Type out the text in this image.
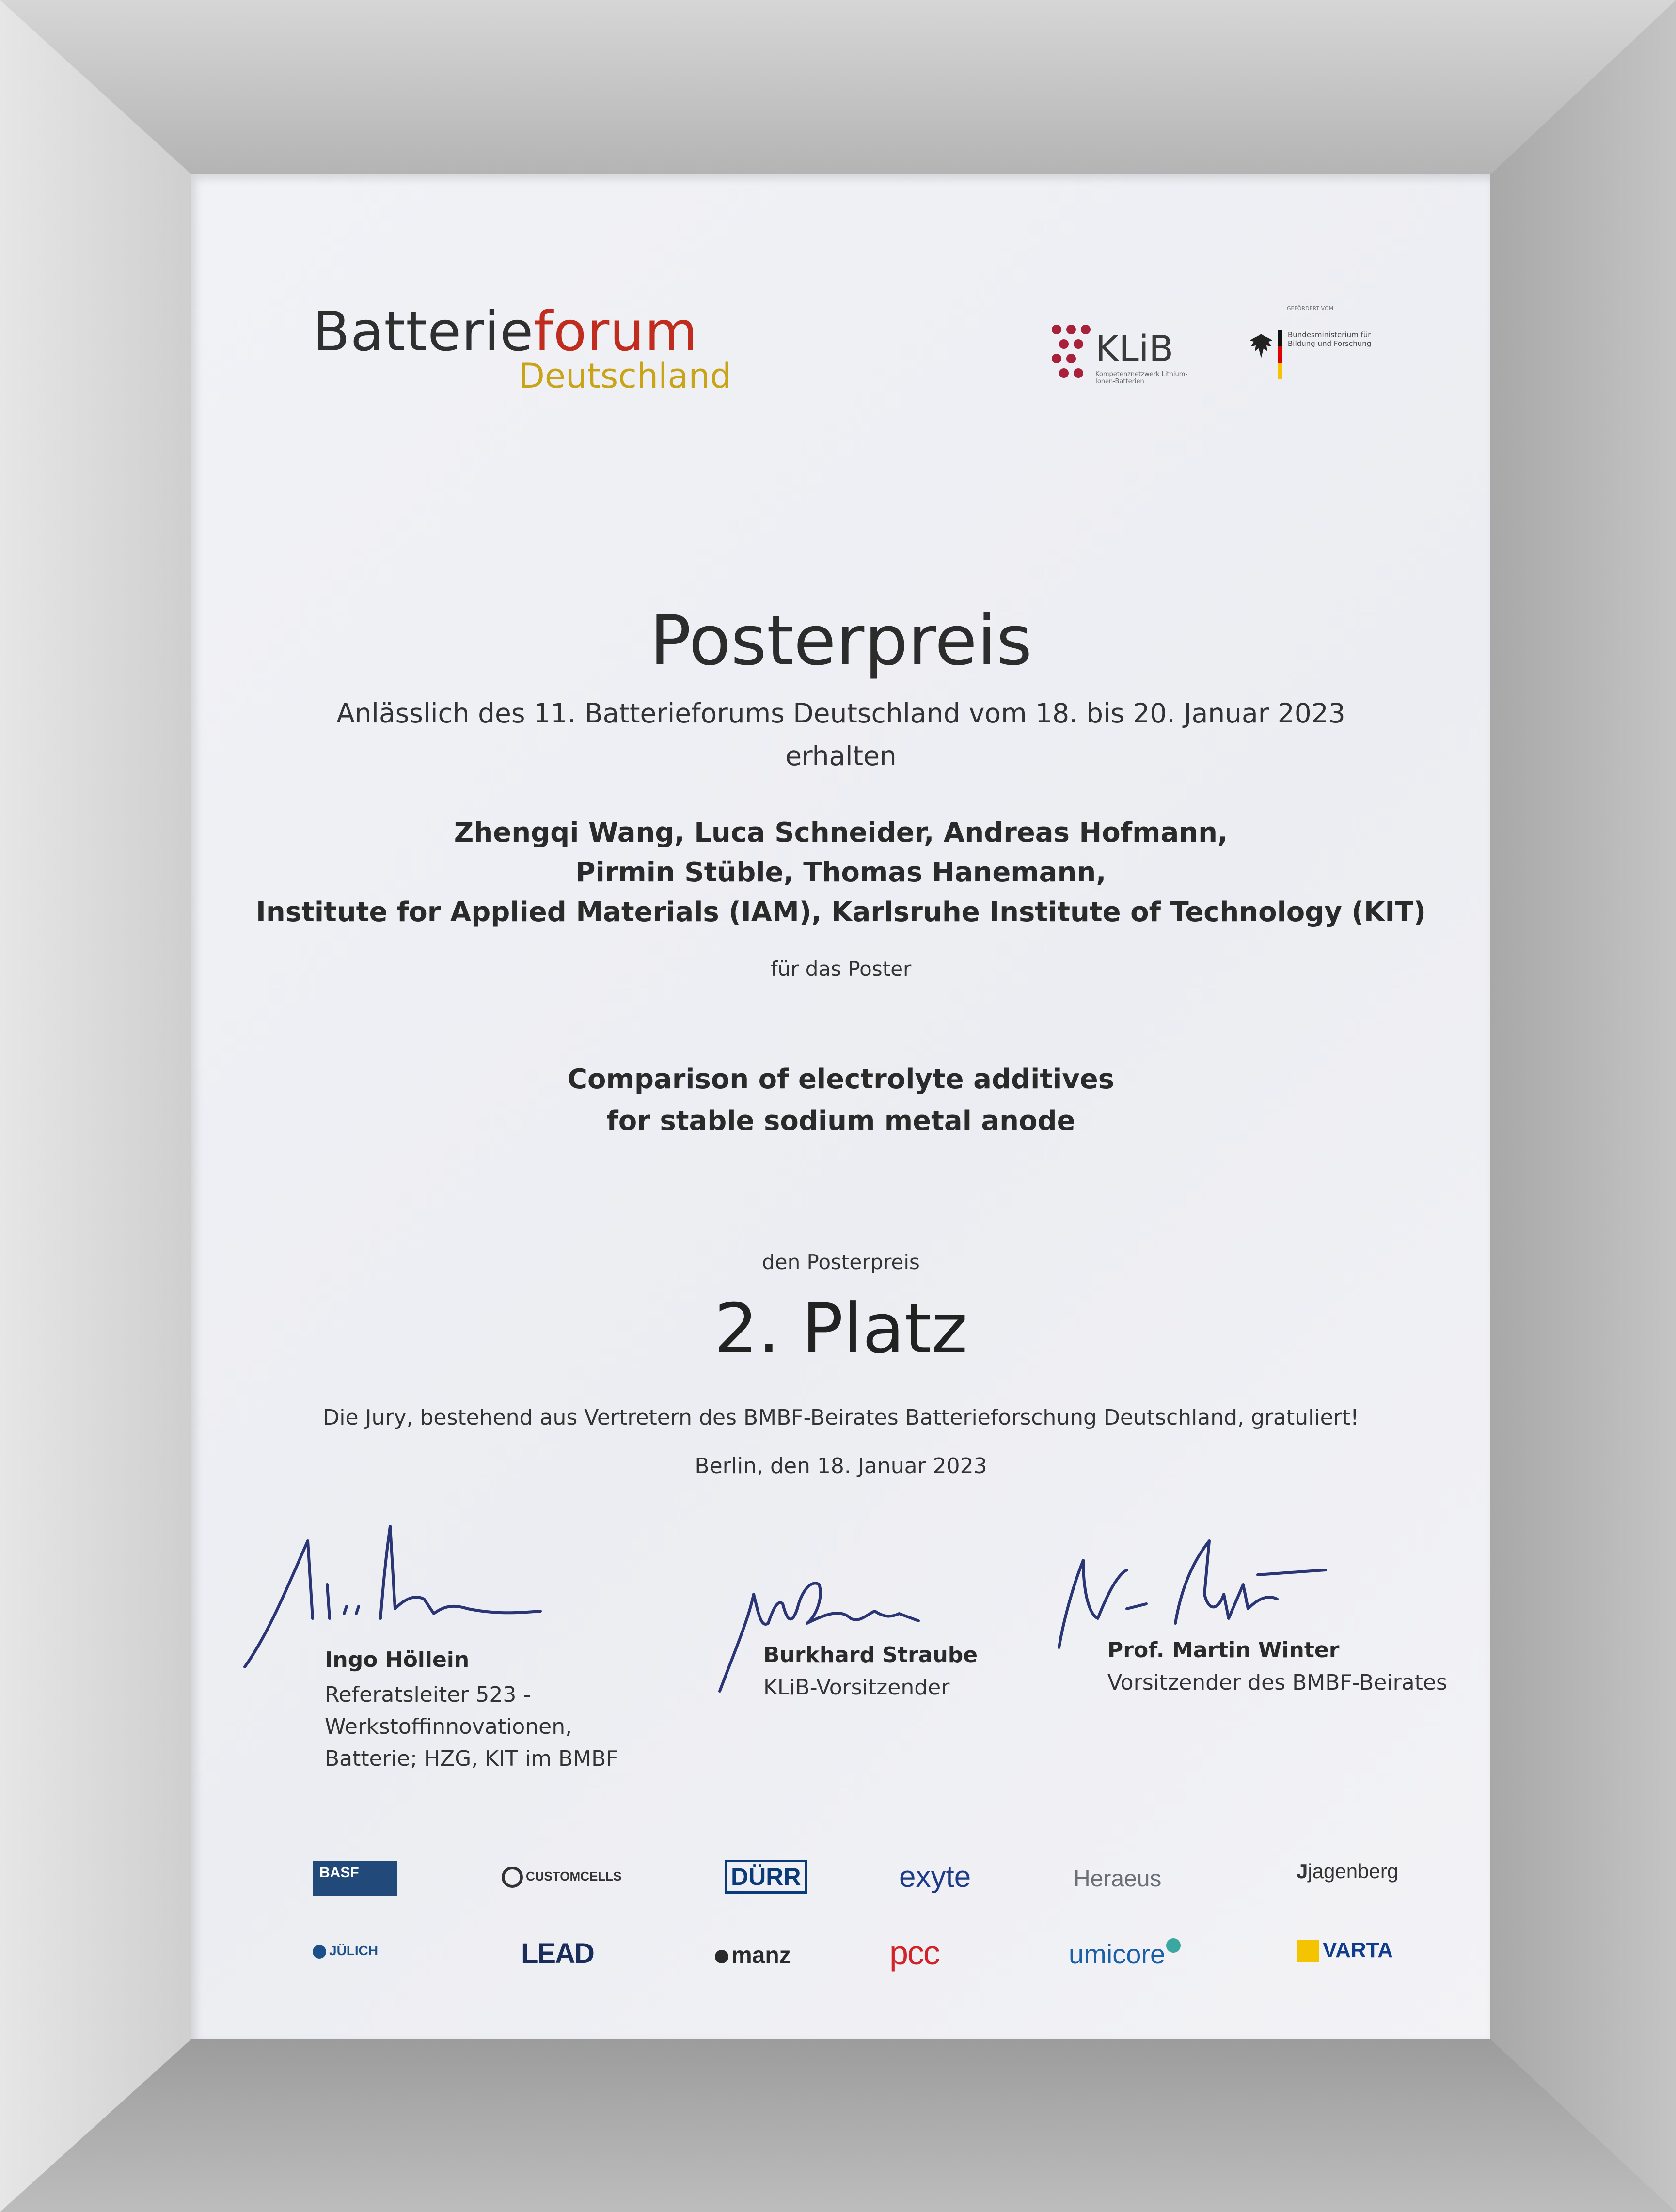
Batterieforum
Deutschland
KLiB
Kompetenznetzwerk Lithium-Ionen-Batterien
GEFÖRDERT VOM
Bundesministerium für Bildung und Forschung
Posterpreis
Anlässlich des 11. Batterieforums Deutschland vom 18. bis 20. Januar 2023
erhalten
Zhengqi Wang, Luca Schneider, Andreas Hofmann,
Pirmin Stüble, Thomas Hanemann,
Institute for Applied Materials (IAM), Karlsruhe Institute of Technology (KIT)
für das Poster
Comparison of electrolyte additives
for stable sodium metal anode
den Posterpreis
2. Platz
Die Jury, bestehend aus Vertretern des BMBF-Beirates Batterieforschung Deutschland, gratuliert!
Berlin, den 18. Januar 2023
Ingo Höllein
Referatsleiter 523 -
Werkstoffinnovationen,
Batterie; HZG, KIT im BMBF
Burkhard Straube
KLiB-Vorsitzender
Prof. Martin Winter
Vorsitzender des BMBF-Beirates
BASF	CUSTOMCELLS	DÜRR	exyte	Heraeus	Jjagenberg
JÜLICH	LEAD	manz	pcc	umicore	VARTA
